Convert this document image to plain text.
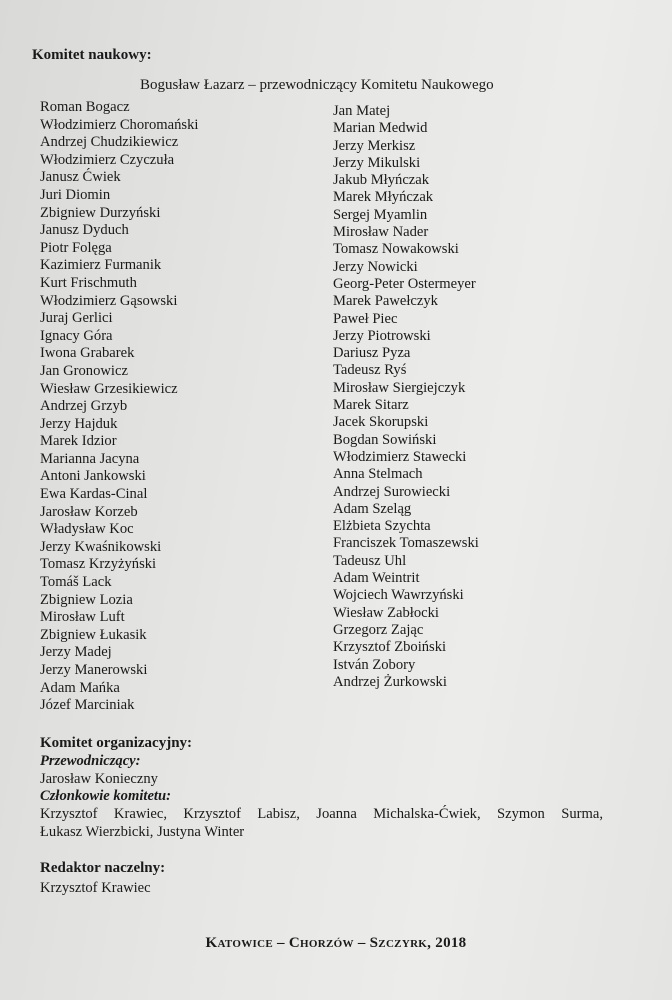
Komitet naukowy:
Bogusław Łazarz – przewodniczący Komitetu Naukowego
Roman Bogacz
Włodzimierz Choromański
Andrzej Chudzikiewicz
Włodzimierz Czyczuła
Janusz Ćwiek
Juri Diomin
Zbigniew Durzyński
Janusz Dyduch
Piotr Folęga
Kazimierz Furmanik
Kurt Frischmuth
Włodzimierz Gąsowski
Juraj Gerlici
Ignacy Góra
Iwona Grabarek
Jan Gronowicz
Wiesław Grzesikiewicz
Andrzej Grzyb
Jerzy Hajduk
Marek Idzior
Marianna Jacyna
Antoni Jankowski
Ewa Kardas-Cinal
Jarosław Korzeb
Władysław Koc
Jerzy Kwaśnikowski
Tomasz Krzyżyński
Tomáš Lack
Zbigniew Lozia
Mirosław Luft
Zbigniew Łukasik
Jerzy Madej
Jerzy Manerowski
Adam Mańka
Józef Marciniak
Jan Matej
Marian Medwid
Jerzy Merkisz
Jerzy Mikulski
Jakub Młyńczak
Marek Młyńczak
Sergej Myamlin
Mirosław Nader
Tomasz Nowakowski
Jerzy Nowicki
Georg-Peter Ostermeyer
Marek Pawełczyk
Paweł Piec
Jerzy Piotrowski
Dariusz Pyza
Tadeusz Ryś
Mirosław Siergiejczyk
Marek Sitarz
Jacek Skorupski
Bogdan Sowiński
Włodzimierz Stawecki
Anna Stelmach
Andrzej Surowiecki
Adam Szeląg
Elżbieta Szychta
Franciszek Tomaszewski
Tadeusz Uhl
Adam Weintrit
Wojciech Wawrzyński
Wiesław Zabłocki
Grzegorz Zając
Krzysztof Zboiński
István Zobory
Andrzej Żurkowski
Komitet organizacyjny:
Przewodniczący:
Jarosław Konieczny
Członkowie komitetu:
Krzysztof Krawiec, Krzysztof Labisz, Joanna Michalska-Ćwiek, Szymon Surma,
Łukasz Wierzbicki, Justyna Winter
Redaktor naczelny:
Krzysztof Krawiec
Katowice – Chorzów – Szczyrk, 2018
